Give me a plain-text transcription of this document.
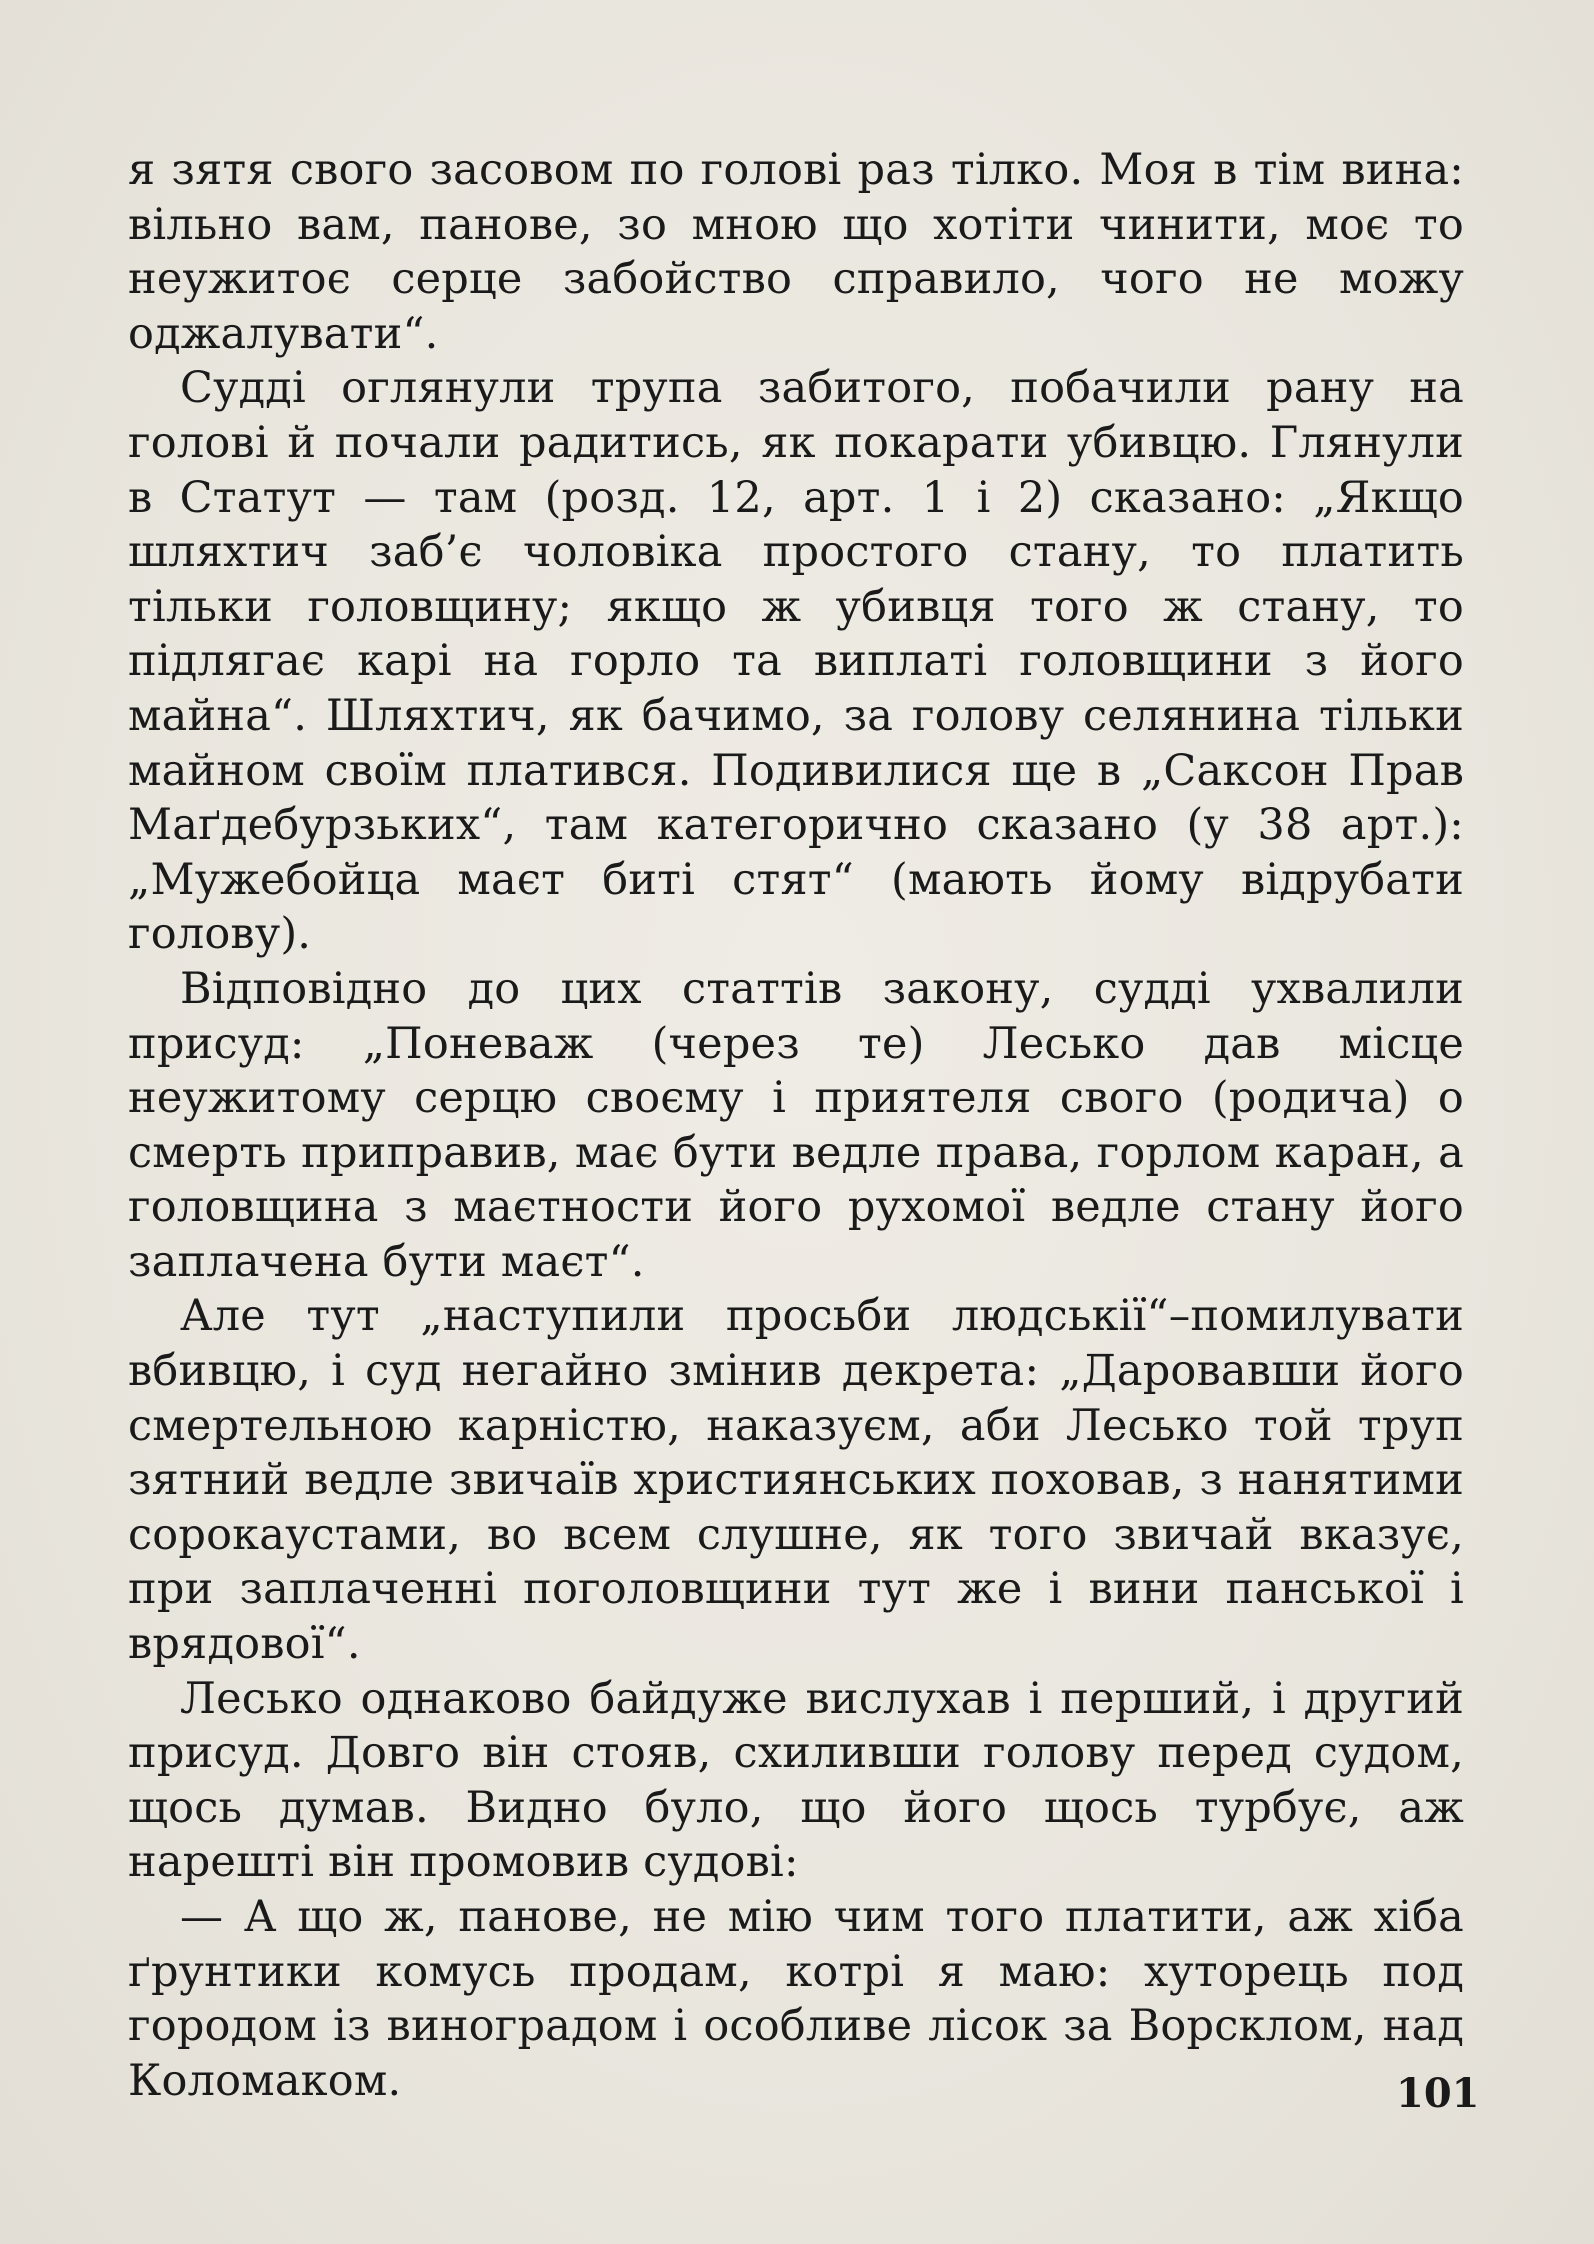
я зятя свого засовом по голові раз тілко. Моя в тім вина: вільно вам, панове, зо мною що хотіти чинити, моє то неужитоє серце забойство справило, чого не можу оджалувати“.

Судді оглянули трупа забитого, побачили рану на голові й почали радитись, як покарати убивцю. Глянули в Статут — там (розд. 12, арт. 1 і 2) сказано: „Якщо шляхтич заб’є чоловіка простого стану, то платить тільки головщину; якщо ж убивця того ж стану, то підлягає карі на горло та виплаті головщини з його майна“. Шляхтич, як бачимо, за голову селянина тільки майном своїм платився. Подивилися ще в „Саксон Прав Маґдебурзьких“, там категорично сказано (у 38 арт.): „Мужебойца маєт биті стят“ (мають йому відрубати голову).

Відповідно до цих статтів закону, судді ухвалили присуд: „Поневаж (через те) Лесько дав місце неужитому серцю своєму і приятеля свого (родича) о смерть приправив, має бути ведле права, горлом каран, а головщина з маєтности його рухомої ведле стану його заплачена бути маєт“.

Але тут „наступили просьби людськії“–помилувати вбивцю, і суд негайно змінив декрета: „Даровавши його смертельною карністю, наказуєм, аби Лесько той труп зятний ведле звичаїв християнських поховав, з нанятими сорокаустами, во всем слушне, як того звичай вказує, при заплаченні поголовщини тут же і вини панської і врядової“.

Лесько однаково байдуже вислухав і перший, і другий присуд. Довго він стояв, схиливши голову перед судом, щось думав. Видно було, що його щось турбує, аж нарешті він промовив судові:

— А що ж, панове, не мію чим того платити, аж хіба ґрунтики комусь продам, котрі я маю: хуторець под городом із виноградом і особливе лісок за Ворсклом, над Коломаком.	101
